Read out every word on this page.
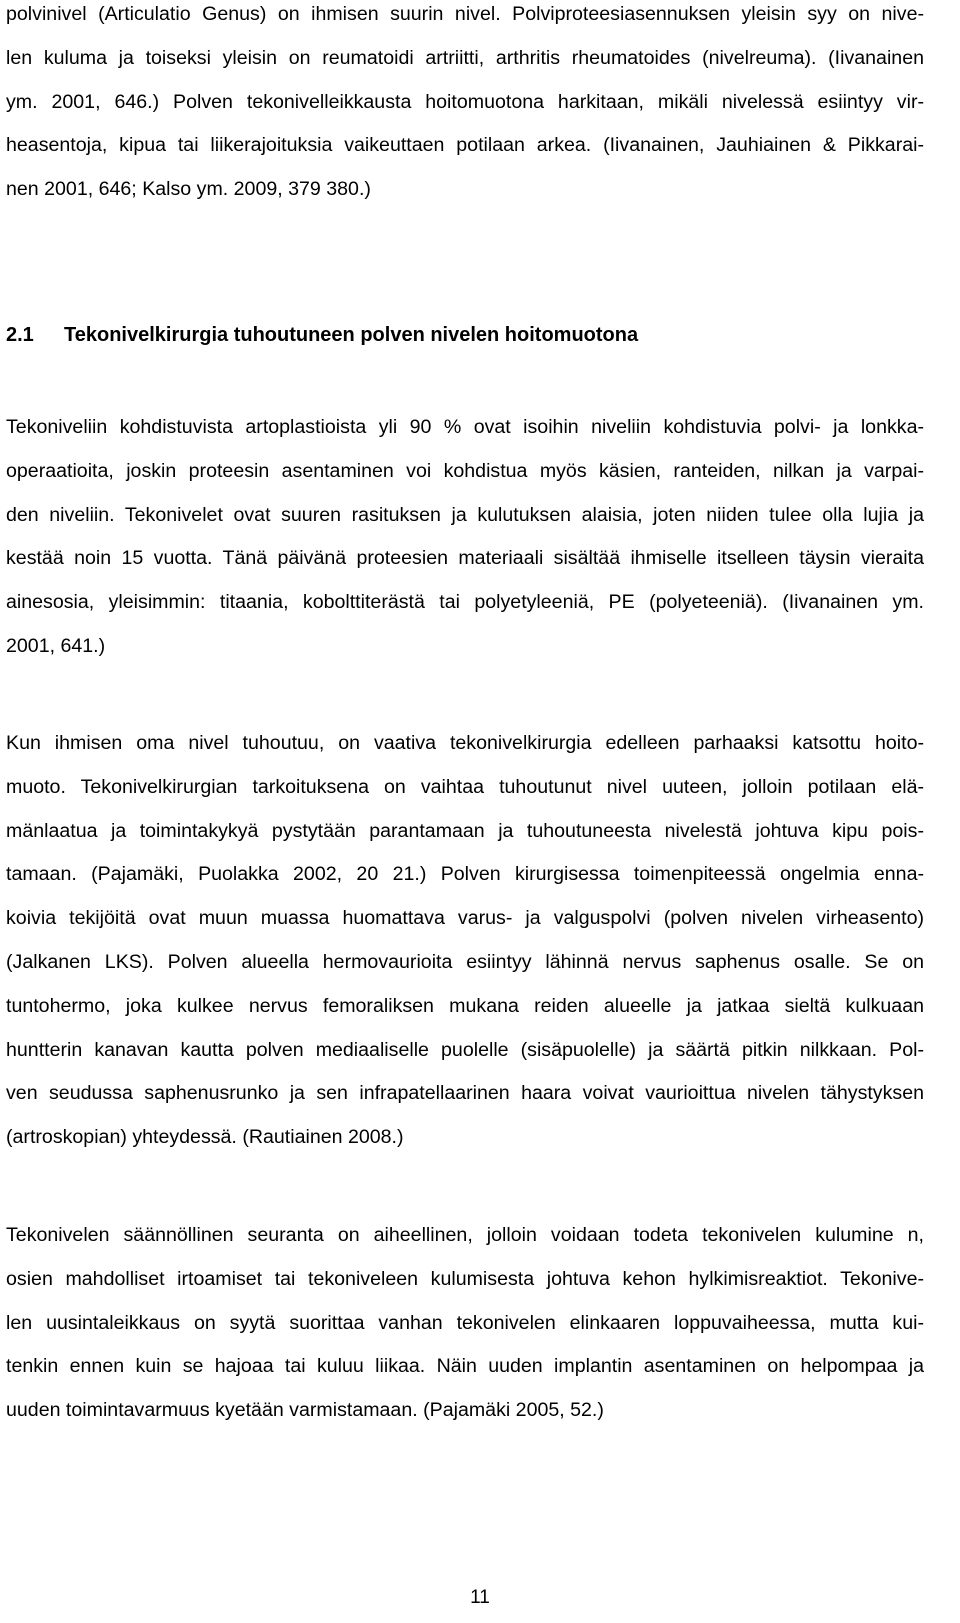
polvinivel (Articulatio Genus) on ihmisen suurin nivel. Polviproteesiasennuksen yleisin syy on nive-
len kuluma ja toiseksi yleisin on reumatoidi artriitti, arthritis rheumatoides (nivelreuma). (Iivanainen
ym. 2001, 646.) Polven tekonivelleikkausta hoitomuotona harkitaan, mikäli nivelessä esiintyy vir-
heasentoja, kipua tai liikerajoituksia vaikeuttaen potilaan arkea. (Iivanainen, Jauhiainen & Pikkarai-
nen 2001, 646; Kalso ym. 2009, 379 380.)
2.1 Tekonivelkirurgia tuhoutuneen polven nivelen hoitomuotona
Tekoniveliin kohdistuvista artoplastioista yli 90 % ovat isoihin niveliin kohdistuvia polvi- ja lonkka-
operaatioita, joskin proteesin asentaminen voi kohdistua myös käsien, ranteiden, nilkan ja varpai-
den niveliin. Tekonivelet ovat suuren rasituksen ja kulutuksen alaisia, joten niiden tulee olla lujia ja
kestää noin 15 vuotta. Tänä päivänä proteesien materiaali sisältää ihmiselle itselleen täysin vieraita
ainesosia, yleisimmin: titaania, kobolttiterästä tai polyetyleeniä, PE (polyeteeniä). (Iivanainen ym.
2001, 641.)
Kun ihmisen oma nivel tuhoutuu, on vaativa tekonivelkirurgia edelleen parhaaksi katsottu hoito-
muoto. Tekonivelkirurgian tarkoituksena on vaihtaa tuhoutunut nivel uuteen, jolloin potilaan elä-
mänlaatua ja toimintakykyä pystytään parantamaan ja tuhoutuneesta nivelestä johtuva kipu pois-
tamaan. (Pajamäki, Puolakka 2002, 20 21.) Polven kirurgisessa toimenpiteessä ongelmia enna-
koivia tekijöitä ovat muun muassa huomattava varus- ja valguspolvi (polven nivelen virheasento)
(Jalkanen LKS). Polven alueella hermovaurioita esiintyy lähinnä nervus saphenus osalle. Se on
tuntohermo, joka kulkee nervus femoraliksen mukana reiden alueelle ja jatkaa sieltä kulkuaan
huntterin kanavan kautta polven mediaaliselle puolelle (sisäpuolelle) ja säärtä pitkin nilkkaan. Pol-
ven seudussa saphenusrunko ja sen infrapatellaarinen haara voivat vaurioittua nivelen tähystyksen
(artroskopian) yhteydessä. (Rautiainen 2008.)
Tekonivelen säännöllinen seuranta on aiheellinen, jolloin voidaan todeta tekonivelen kulumine n,
osien mahdolliset irtoamiset tai tekoniveleen kulumisesta johtuva kehon hylkimisreaktiot. Tekonive-
len uusintaleikkaus on syytä suorittaa vanhan tekonivelen elinkaaren loppuvaiheessa, mutta kui-
tenkin ennen kuin se hajoaa tai kuluu liikaa. Näin uuden implantin asentaminen on helpompaa ja
uuden toimintavarmuus kyetään varmistamaan. (Pajamäki 2005, 52.)
11
